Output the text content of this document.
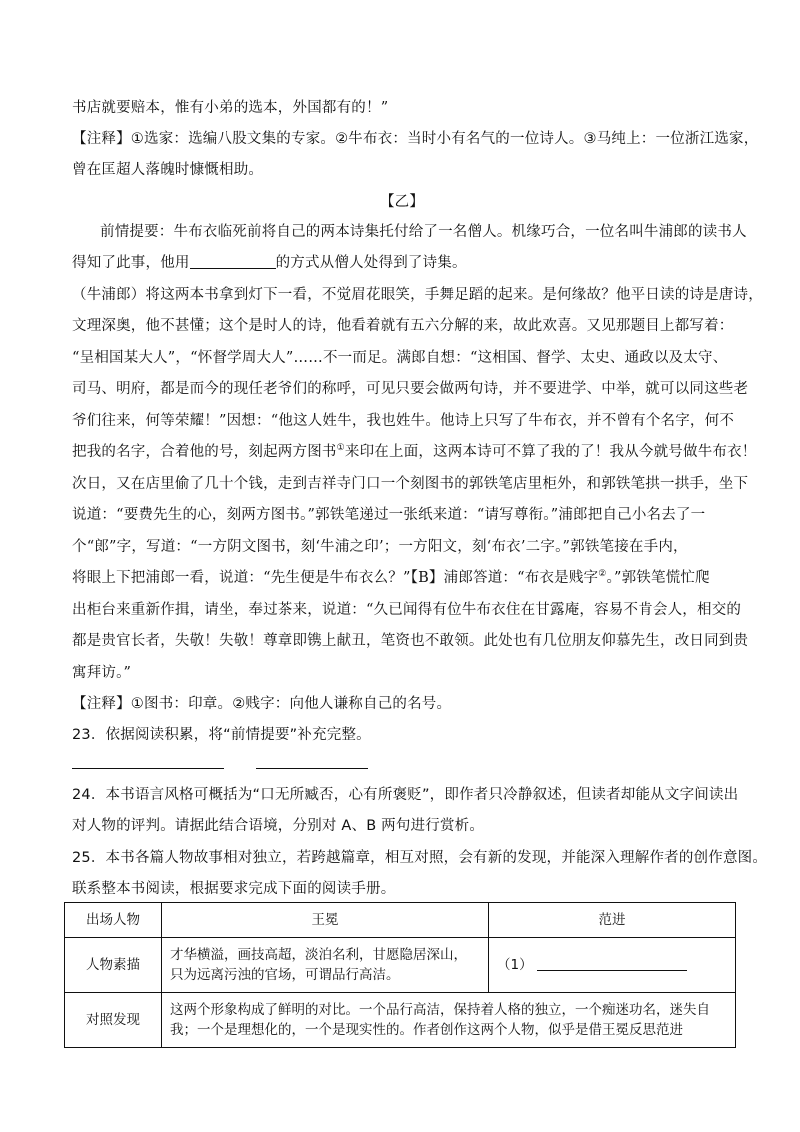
书店就要赔本，惟有小弟的选本，外国都有的！”
【注释】①选家：选编八股文集的专家。②牛布衣：当时小有名气的一位诗人。③马纯上：一位浙江选家，
曾在匡超人落魄时慷慨相助。
【乙】
前情提要：牛布衣临死前将自己的两本诗集托付给了一名僧人。机缘巧合，一位名叫牛浦郎的读书人
得知了此事，他用	的方式从僧人处得到了诗集。
（牛浦郎）将这两本书拿到灯下一看，不觉眉花眼笑，手舞足蹈的起来。是何缘故？他平日读的诗是唐诗，
文理深奥，他不甚懂；这个是时人的诗，他看着就有五六分解的来，故此欢喜。又见那题目上都写着：
“呈相国某大人”，“怀督学周大人”……不一而足。满郎自想：“这相国、督学、太史、通政以及太守、
司马、明府，都是而今的现任老爷们的称呼，可见只要会做两句诗，并不要进学、中举，就可以同这些老
爷们往来，何等荣耀！”因想：“他这人姓牛，我也姓牛。他诗上只写了牛布衣，并不曾有个名字，何不
把我的名字，合着他的号，刻起两方图书①来印在上面，这两本诗可不算了我的了！我从今就号做牛布衣！
次日，又在店里偷了几十个钱，走到吉祥寺门口一个刻图书的郭铁笔店里柜外，和郭铁笔拱一拱手，坐下
说道：“要费先生的心，刻两方图书。”郭铁笔递过一张纸来道：“请写尊衔。”浦郎把自己小名去了一
个“郎”字，写道：“一方阴文图书，刻‘牛浦之印’；一方阳文，刻‘布衣’二字。”郭铁笔接在手内，
将眼上下把浦郎一看，说道：“先生便是牛布衣么？”【B】浦郎答道：“布衣是贱字②。”郭铁笔慌忙爬
出柜台来重新作揖，请坐，奉过茶来，说道：“久已闻得有位牛布衣住在甘露庵，容易不肯会人，相交的
都是贵官长者，失敬！失敬！尊章即镌上献丑，笔资也不敢领。此处也有几位朋友仰慕先生，改日同到贵
寓拜访。”
【注释】①图书：印章。②贱字：向他人谦称自己的名号。
23．依据阅读积累，将“前情提要”补充完整。
24．本书语言风格可概括为“口无所臧否，心有所褒贬”，即作者只冷静叙述，但读者却能从文字间读出
对人物的评判。请据此结合语境，分别对 A、B 两句进行赏析。
25．本书各篇人物故事相对独立，若跨越篇章，相互对照，会有新的发现，并能深入理解作者的创作意图。
联系整本书阅读，根据要求完成下面的阅读手册。
出场人物	王冕	范进
人物素描	才华横溢，画技高超，淡泊名利，甘愿隐居深山，只为远离污浊的官场，可谓品行高洁。	（1）
对照发现	这两个形象构成了鲜明的对比。一个品行高洁，保持着人格的独立，一个痴迷功名，迷失自我；一个是理想化的，一个是现实性的。作者创作这两个人物，似乎是借王冕反思范进	
